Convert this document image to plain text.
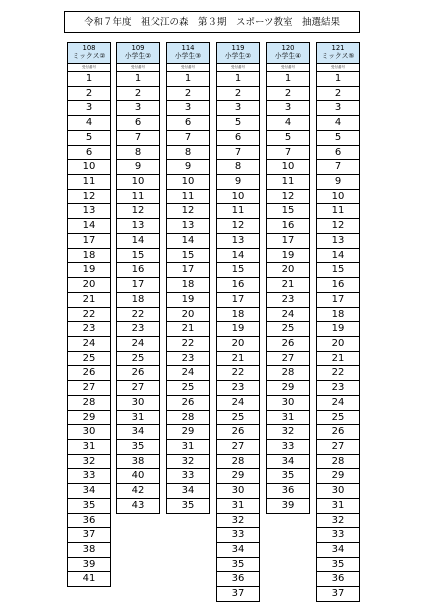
令和７年度　祖父江の森　第３期　スポーツ教室　抽選結果
108
ミックス②
受付番号
1
2
3
4
5
6
10
11
12
13
14
17
18
19
20
21
22
23
24
25
26
27
28
29
30
31
32
33
34
35
36
37
38
39
41
109
小学生②
受付番号
1
2
3
6
7
8
9
10
11
12
13
14
15
16
17
18
22
23
24
25
26
27
30
31
34
35
38
40
42
43
114
小学生③
受付番号
1
2
3
6
7
8
9
10
11
12
13
14
15
17
18
19
20
21
22
23
24
25
26
28
29
31
32
33
34
35
119
小学生②
受付番号
1
2
3
5
6
7
8
9
10
11
12
13
14
15
16
17
18
19
20
21
22
23
24
25
26
27
28
29
30
31
32
33
34
35
36
37
120
小学生④
受付番号
1
2
3
4
5
7
10
11
12
15
16
17
19
20
21
23
24
25
26
27
28
29
30
31
32
33
34
35
36
39
121
ミックス⑤
受付番号
1
2
3
4
5
6
7
9
10
11
12
13
14
15
16
17
18
19
20
21
22
23
24
25
26
27
28
29
30
31
32
33
34
35
36
37
